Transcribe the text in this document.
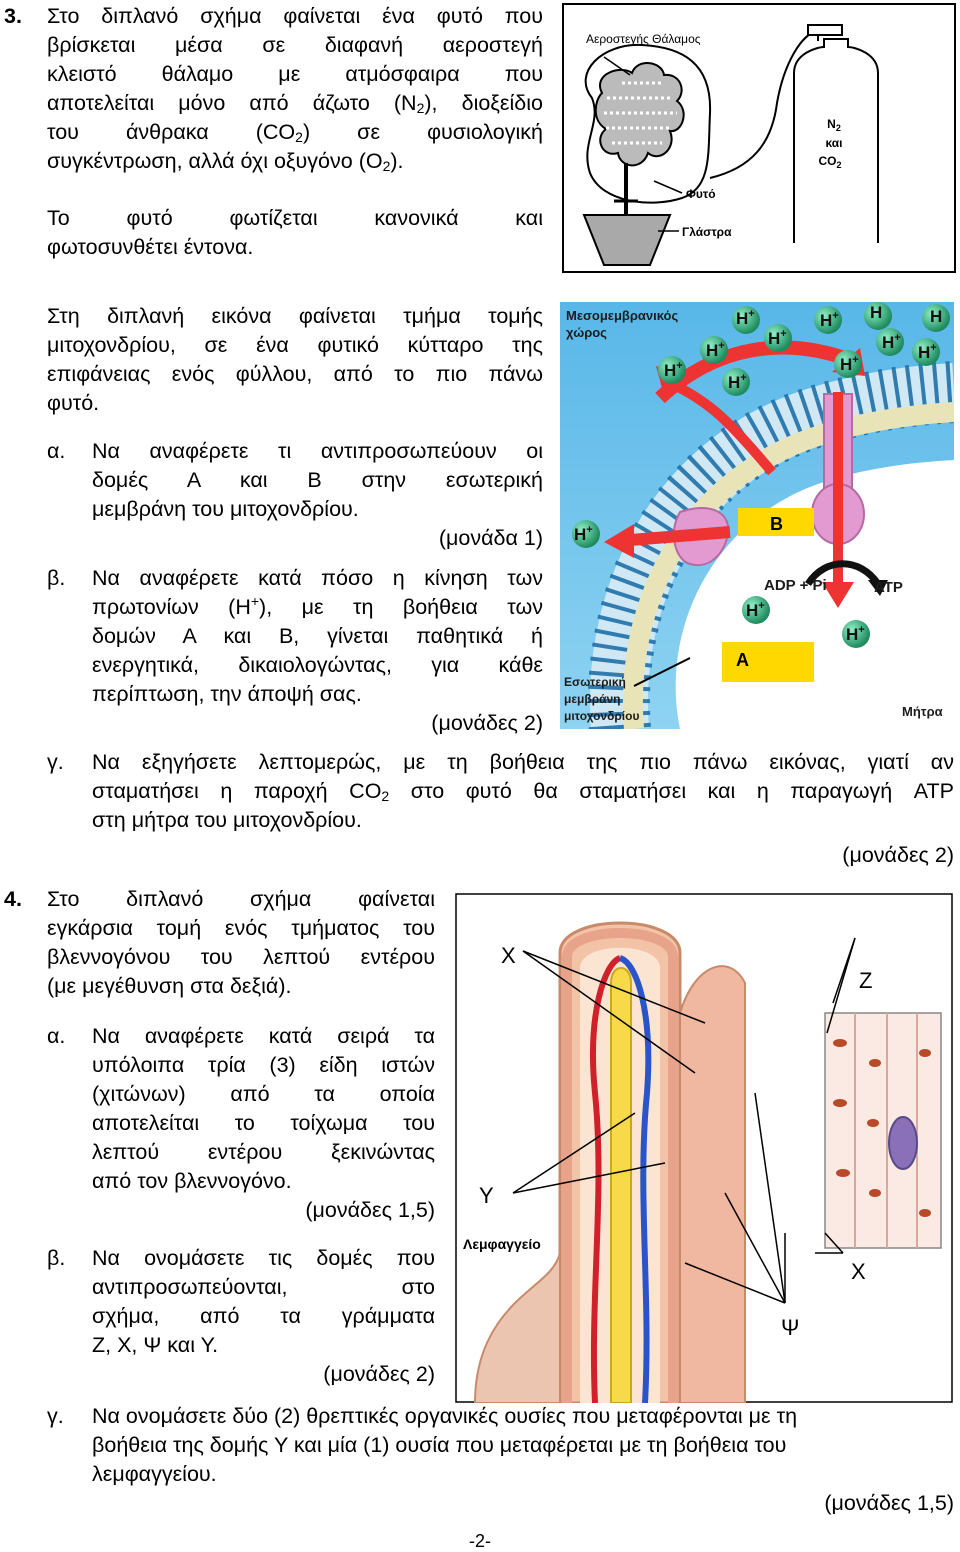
3. Στο διπλανό σχήμα φαίνεται ένα φυτό που
βρίσκεται μέσα σε διαφανή αεροστεγή
κλειστό θάλαμο με ατμόσφαιρα που
αποτελείται μόνο από άζωτο $(N_2)$, διοξείδιο
του άνθρακα $(CO_2)$ σε φυσιολογική
συγκέντρωση, αλλά όχι οξυγόνο $(O_2)$.
Το φυτό φωτίζεται κανονικά και
φωτοσυνθέτει έντονα.
Αεροστεγής Θάλαμος
$N_2$
και
$CO_2$
Φυτό
Γλάστρα
Στη διπλανή εικόνα φαίνεται τμήμα τομής
μιτοχονδρίου, σε ένα φυτικό κύτταρο της
επιφάνειας ενός φύλλου, από το πιο πάνω
φυτό.
α. Να αναφέρετε τι αντιπροσωπεύουν οι
δομές Α και Β στην εσωτερική
μεμβράνη του μιτοχονδρίου.
(μονάδα 1)
β. Να αναφέρετε κατά πόσο η κίνηση των
πρωτονίων (Η+), με τη βοήθεια των
δομών Α και Β, γίνεται παθητικά ή
ενεργητικά, δικαιολογώντας, για κάθε
περίπτωση, την άποψή σας.
(μονάδες 2)
H+	H+ H	H
H+	H+	H+
H+
H+	H+
H+
H+
H+
H+
Μεσομεμβρανικός
χώρος
B
ADP + Pi	ATP
A
Εσωτερική
μεμβράνη
μιτοχονδρίου	Μήτρα
γ. Να εξηγήσετε λεπτομερώς, με τη βοήθεια της πιο πάνω εικόνας, γιατί αν
σταματήσει η παροχή $CO_2$ στο φυτό θα σταματήσει και η παραγωγή ATP
στη μήτρα του μιτοχονδρίου.
(μονάδες 2)
4. Στο διπλανό σχήμα φαίνεται
εγκάρσια τομή ενός τμήματος του
βλεννογόνου του λεπτού εντέρου
(με μεγέθυνση στα δεξιά).
α. Να αναφέρετε κατά σειρά τα
υπόλοιπα τρία (3) είδη ιστών
(χιτώνων) από τα οποία
αποτελείται το τοίχωμα του
λεπτού εντέρου ξεκινώντας
από τον βλεννογόνο.
(μονάδες 1,5)
β. Να ονομάσετε τις δομές που
αντιπροσωπεύονται, στο
σχήμα, από τα γράμματα
Ζ, Χ, Ψ και Υ.
(μονάδες 2)
X
Y
Z
X
Ψ
Λεμφαγγείο
γ. Να ονομάσετε δύο (2) θρεπτικές οργανικές ουσίες που μεταφέρονται με τη
βοήθεια της δομής Υ και μία (1) ουσία που μεταφέρεται με τη βοήθεια του
λεμφαγγείου.
(μονάδες 1,5)
-2-
